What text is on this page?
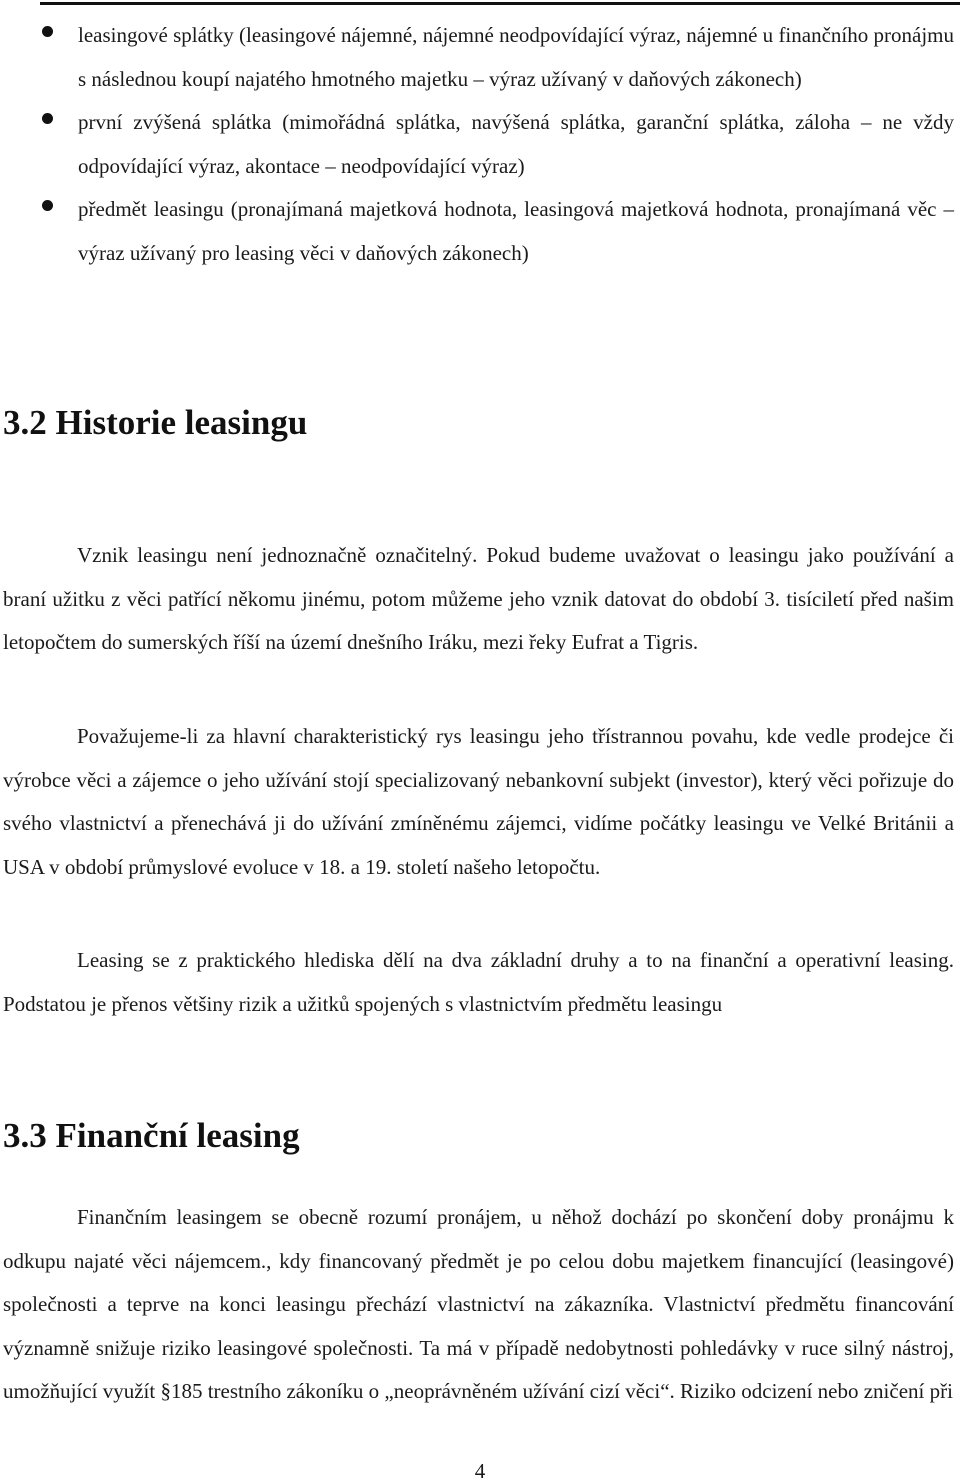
leasingové splátky (leasingové nájemné, nájemné neodpovídající výraz, nájemné u finančního pronájmu s následnou koupí najatého hmotného majetku – výraz užívaný v daňových zákonech)
první zvýšená splátka (mimořádná splátka, navýšená splátka, garanční splátka, záloha – ne vždy odpovídající výraz, akontace – neodpovídající výraz)
předmět leasingu (pronajímaná majetková hodnota, leasingová majetková hodnota, pronajímaná věc – výraz užívaný pro leasing věci v daňových zákonech)
3.2 Historie leasingu

Vznik leasingu není jednoznačně označitelný. Pokud budeme uvažovat o leasingu jako používání a braní užitku z věci patřící někomu jinému, potom můžeme jeho vznik datovat do období 3. tisíciletí před našim letopočtem do sumerských říší na území dnešního Iráku, mezi řeky Eufrat a Tigris.

Považujeme-li za hlavní charakteristický rys leasingu jeho třístrannou povahu, kde vedle prodejce či výrobce věci a zájemce o jeho užívání stojí specializovaný nebankovní subjekt (investor), který věci pořizuje do svého vlastnictví a přenechává ji do užívání zmíněnému zájemci, vidíme počátky leasingu ve Velké Británii a USA v období průmyslové evoluce v 18. a 19. století našeho letopočtu.

Leasing se z praktického hlediska dělí na dva základní druhy a to na finanční a operativní leasing. Podstatou je přenos většiny rizik a užitků spojených s vlastnictvím předmětu leasingu

3.3 Finanční leasing

Finančním leasingem se obecně rozumí pronájem, u něhož dochází po skončení doby pronájmu k odkupu najaté věci nájemcem., kdy financovaný předmět je po celou dobu majetkem financující (leasingové) společnosti a teprve na konci leasingu přechází vlastnictví na zákazníka. Vlastnictví předmětu financování významně snižuje riziko leasingové společnosti. Ta má v případě nedobytnosti pohledávky v ruce silný nástroj, umožňující využít §185 trestního zákoníku o „neoprávněném užívání cizí věci“. Riziko odcizení nebo zničení při

4
